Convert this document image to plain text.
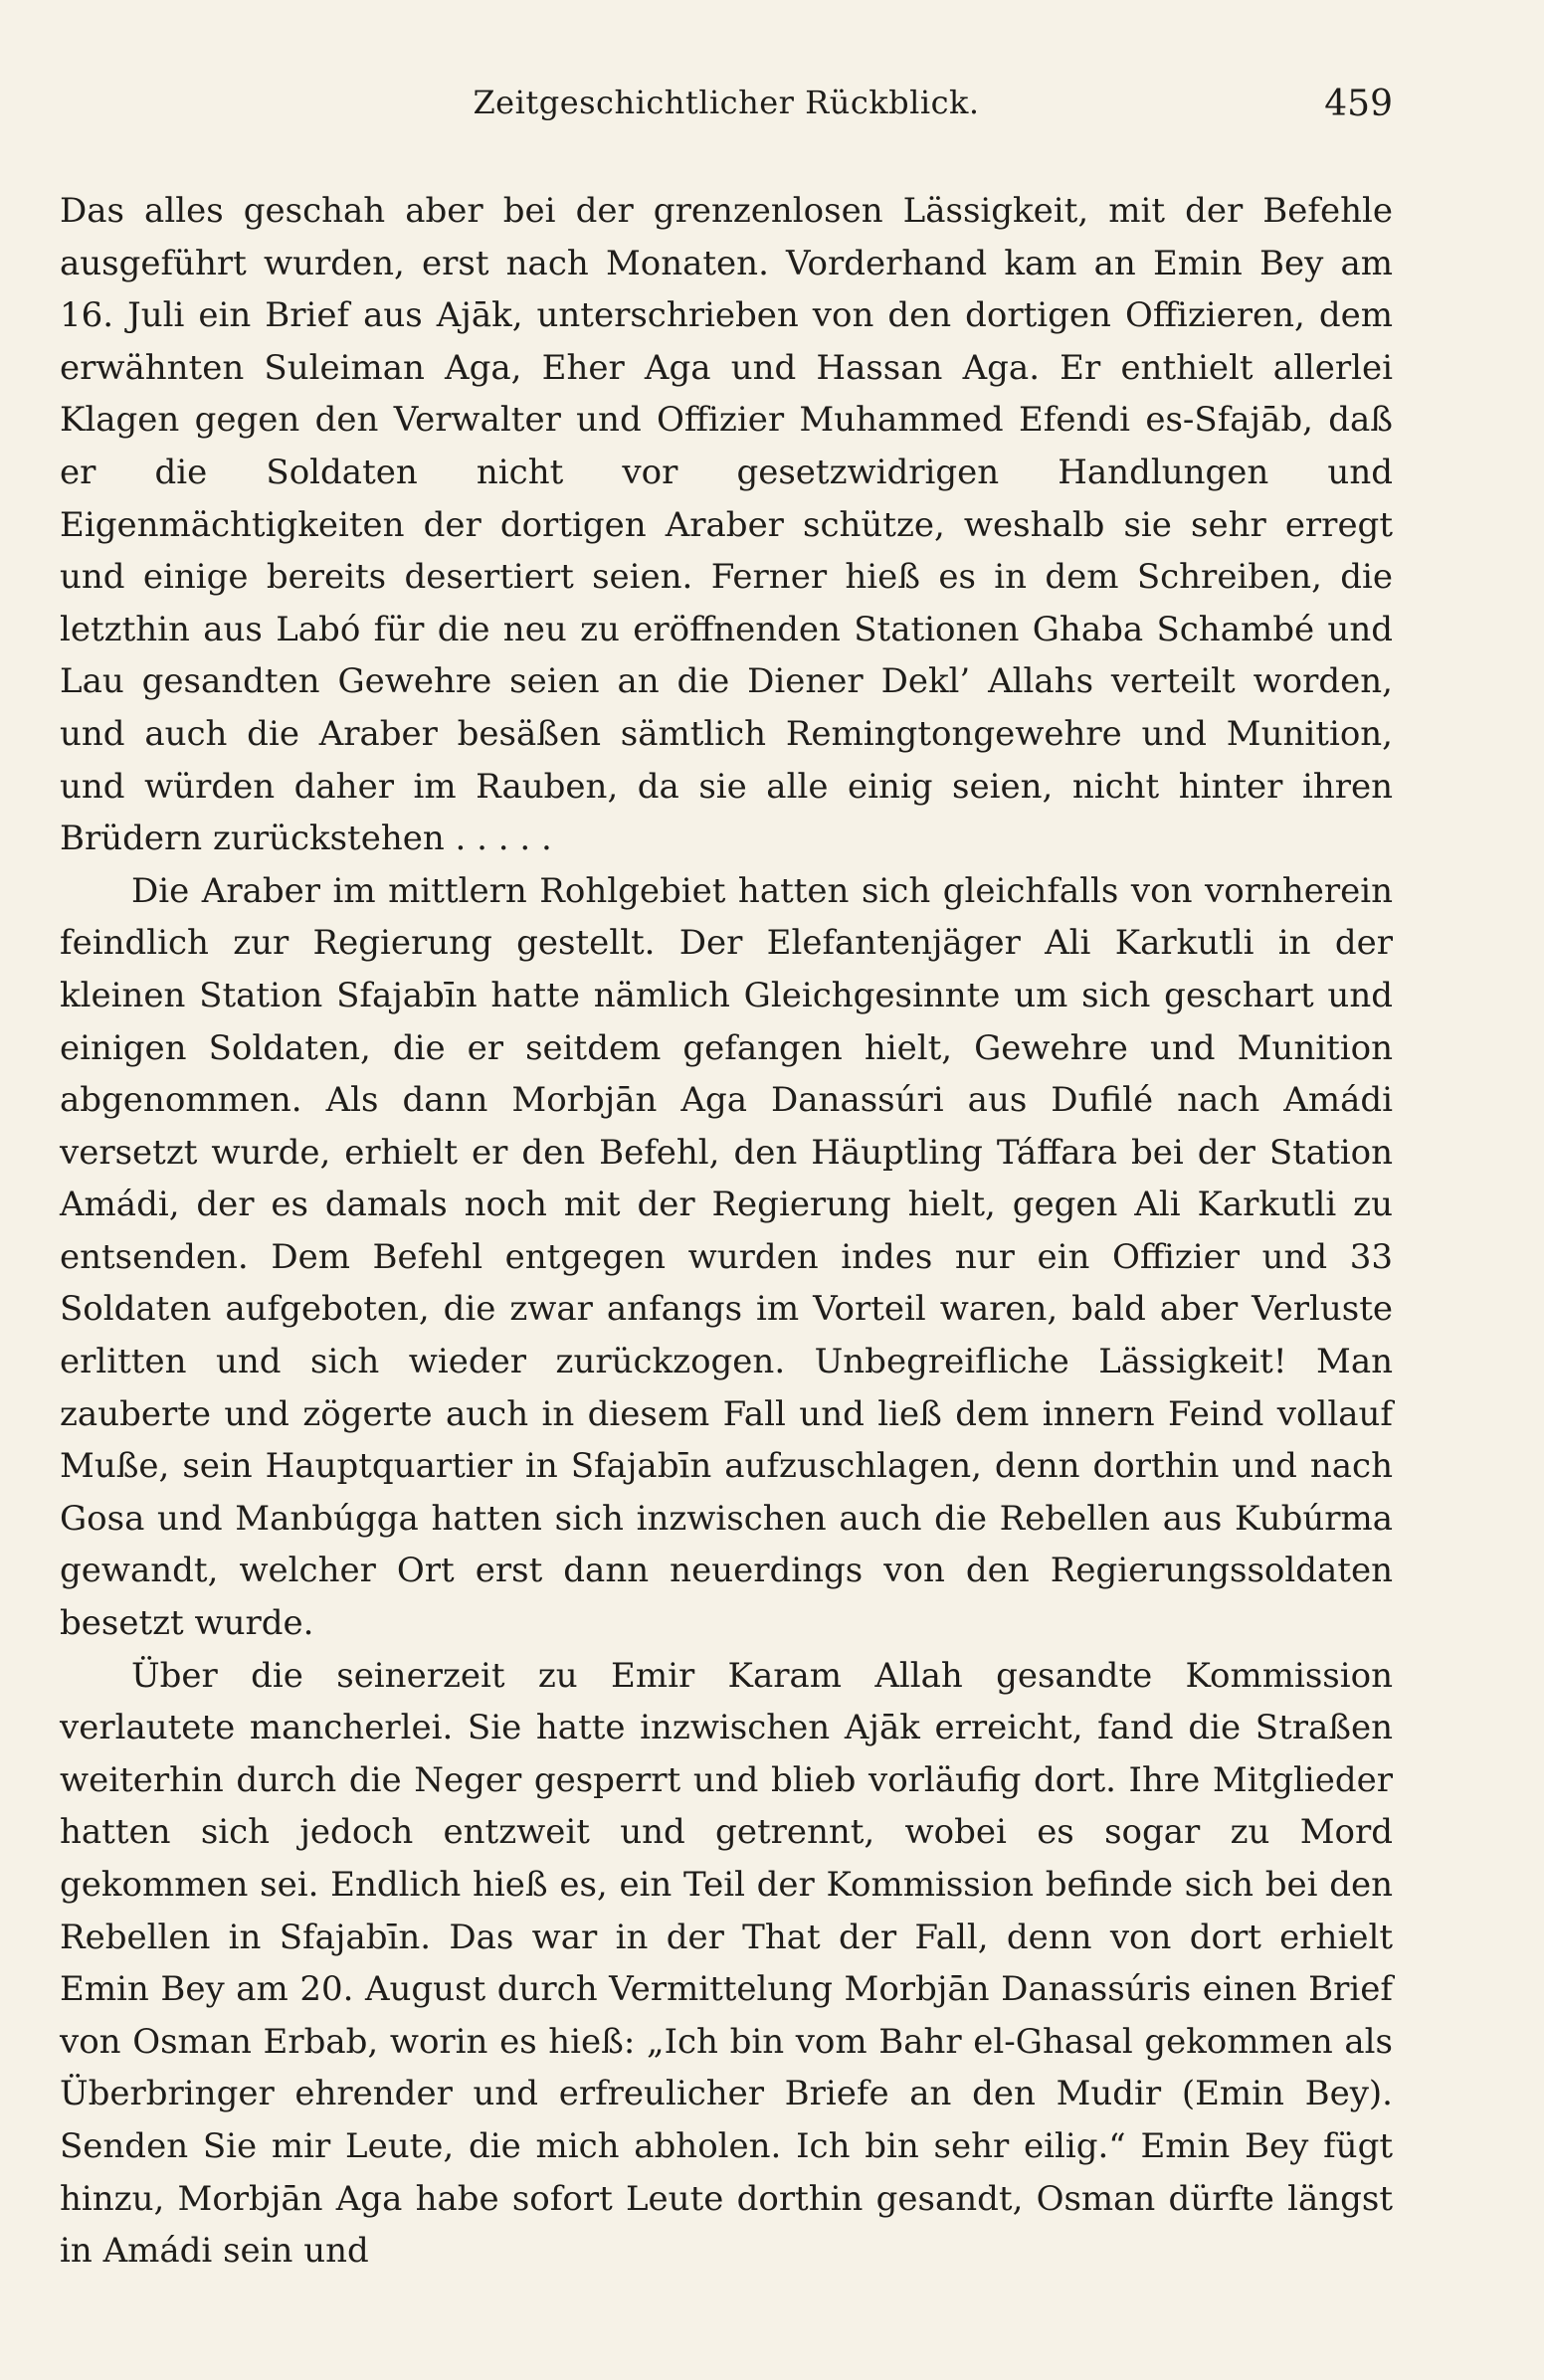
Zeitgeschichtlicher Rückblick.	459

Das alles geschah aber bei der grenzenlosen Lässigkeit, mit der Befehle ausgeführt wurden, erst nach Monaten. Vorderhand kam an Emin Bey am 16. Juli ein Brief aus Ajāk, unterschrieben von den dortigen Offizieren, dem erwähnten Suleiman Aga, Eher Aga und Hassan Aga. Er enthielt allerlei Klagen gegen den Verwalter und Offizier Muhammed Efendi es-Sfajāb, daß er die Soldaten nicht vor gesetzwidrigen Handlungen und Eigenmächtigkeiten der dortigen Araber schütze, weshalb sie sehr erregt und einige bereits desertiert seien. Ferner hieß es in dem Schreiben, die letzthin aus Labó für die neu zu eröffnenden Stationen Ghaba Schambé und Lau gesandten Gewehre seien an die Diener Dekl’ Allahs verteilt worden, und auch die Araber besäßen sämtlich Remingtongewehre und Munition, und würden daher im Rauben, da sie alle einig seien, nicht hinter ihren Brüdern zurückstehen . . . . .

Die Araber im mittlern Rohlgebiet hatten sich gleichfalls von vornherein feindlich zur Regierung gestellt. Der Elefantenjäger Ali Karkutli in der kleinen Station Sfajabīn hatte nämlich Gleichgesinnte um sich geschart und einigen Soldaten, die er seitdem gefangen hielt, Gewehre und Munition abgenommen. Als dann Morbjān Aga Danassúri aus Dufilé nach Amádi versetzt wurde, erhielt er den Befehl, den Häuptling Táffara bei der Station Amádi, der es damals noch mit der Regierung hielt, gegen Ali Karkutli zu entsenden. Dem Befehl entgegen wurden indes nur ein Offizier und 33 Soldaten aufgeboten, die zwar anfangs im Vorteil waren, bald aber Verluste erlitten und sich wieder zurückzogen. Unbegreifliche Lässigkeit! Man zauberte und zögerte auch in diesem Fall und ließ dem innern Feind vollauf Muße, sein Hauptquartier in Sfajabīn aufzuschlagen, denn dorthin und nach Gosa und Manbúgga hatten sich inzwischen auch die Rebellen aus Kubúrma gewandt, welcher Ort erst dann neuerdings von den Regierungssoldaten besetzt wurde.

Über die seinerzeit zu Emir Karam Allah gesandte Kommission verlautete mancherlei. Sie hatte inzwischen Ajāk erreicht, fand die Straßen weiterhin durch die Neger gesperrt und blieb vorläufig dort. Ihre Mitglieder hatten sich jedoch entzweit und getrennt, wobei es sogar zu Mord gekommen sei. Endlich hieß es, ein Teil der Kommission befinde sich bei den Rebellen in Sfajabīn. Das war in der That der Fall, denn von dort erhielt Emin Bey am 20. August durch Vermittelung Morbjān Danassúris einen Brief von Osman Erbab, worin es hieß: „Ich bin vom Bahr el-Ghasal gekommen als Überbringer ehrender und erfreulicher Briefe an den Mudir (Emin Bey). Senden Sie mir Leute, die mich abholen. Ich bin sehr eilig.“ Emin Bey fügt hinzu, Morbjān Aga habe sofort Leute dorthin gesandt, Osman dürfte längst in Amádi sein und
